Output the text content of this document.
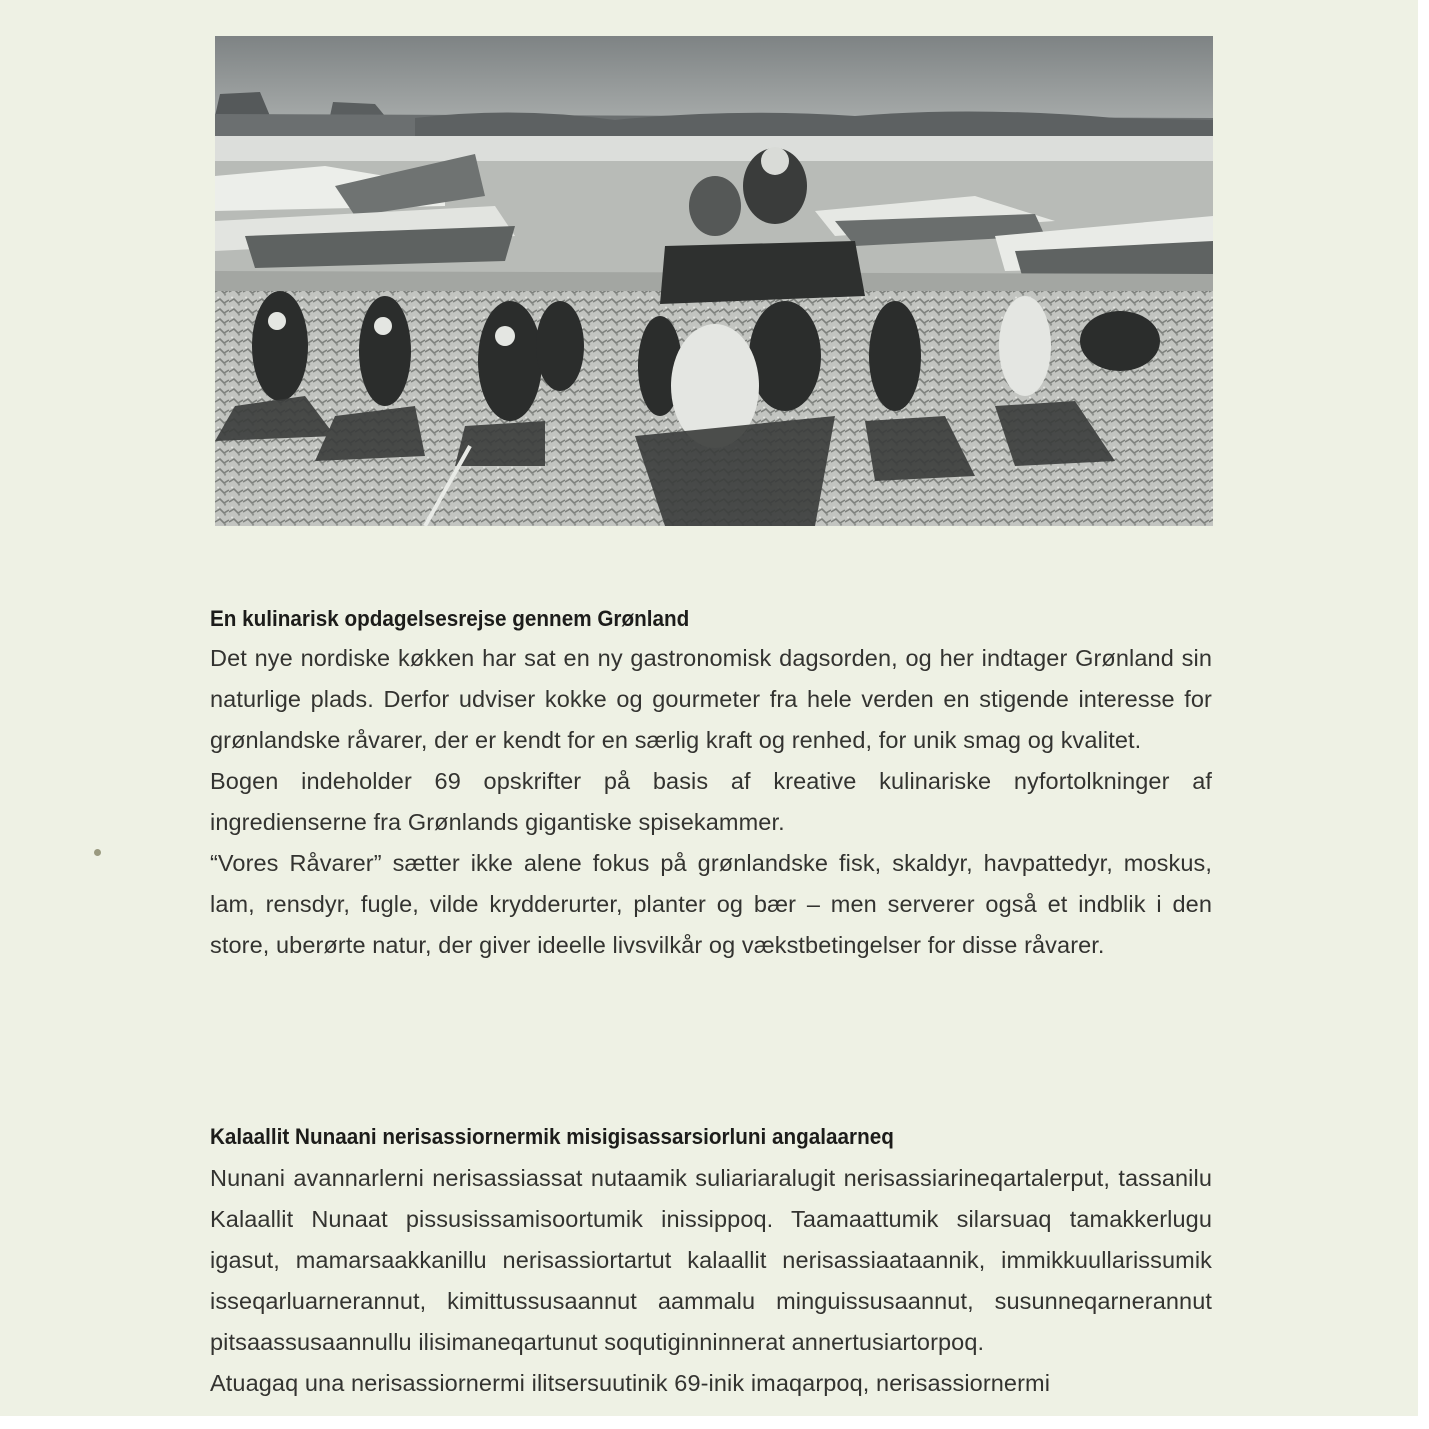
En kulinarisk opdagelsesrejse gennem Grønland

Det nye nordiske køkken har sat en ny gastronomisk dagsorden, og her indtager Grønland sin naturlige plads. Derfor udviser kokke og gourmeter fra hele verden en stigende interesse for grønlandske råvarer, der er kendt for en særlig kraft og renhed, for unik smag og kvalitet.

Bogen indeholder 69 opskrifter på basis af kreative kulinariske nyfortolkninger af ingredienserne fra Grønlands gigantiske spisekammer.

“Vores Råvarer” sætter ikke alene fokus på grønlandske fisk, skaldyr, havpattedyr, moskus, lam, rensdyr, fugle, vilde krydderurter, planter og bær – men serverer også et indblik i den store, uberørte natur, der giver ideelle livsvilkår og vækstbetingelser for disse råvarer.

Kalaallit Nunaani nerisassiornermik misigisassarsiorluni angalaarneq

Nunani avannarlerni nerisassiassat nutaamik suliariaralugit nerisassiarineqartalerput, tassanilu Kalaallit Nunaat pissusissamisoortumik inissippoq. Taamaattumik silarsuaq tamakkerlugu igasut, mamarsaakkanillu nerisassiortartut kalaallit nerisassiaataannik, immikkuullarissumik isseqarluarnerannut, kimittussusaannut aammalu minguissusaannut, susunneqarnerannut pitsaassusaannullu ilisimaneqartunut soqutiginninnerat annertusiartorpoq.

Atuagaq una nerisassiornermi ilitsersuutinik 69-inik imaqarpoq, nerisassiornermi
